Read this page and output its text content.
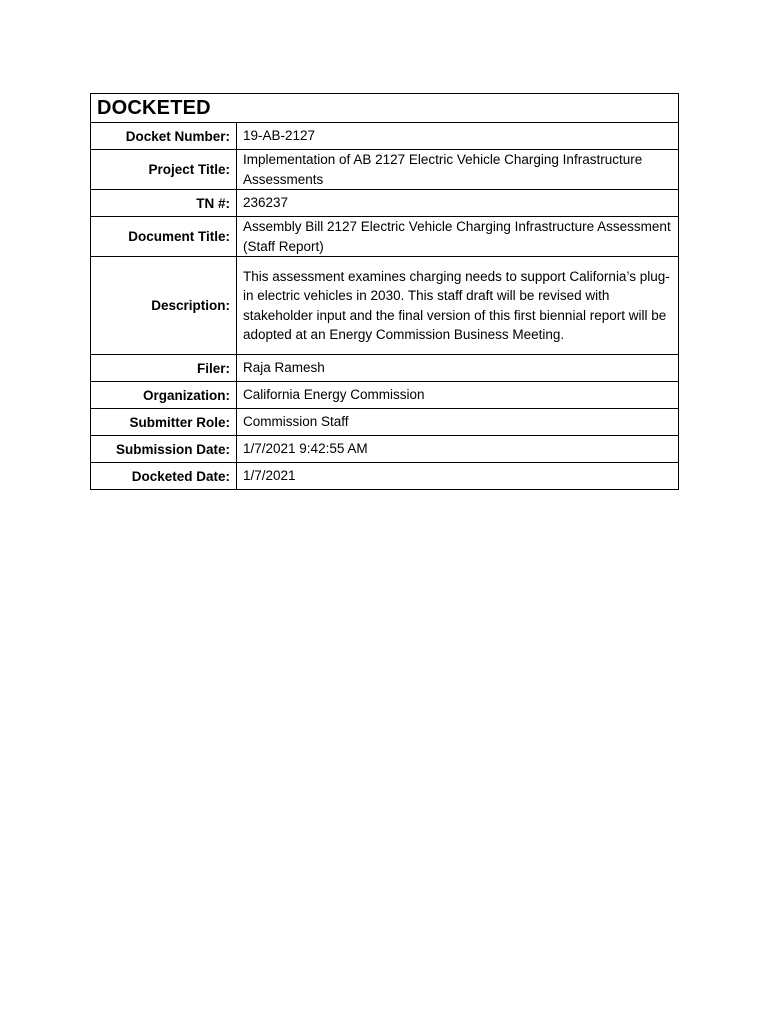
DOCKETED	
Docket Number:	19-AB-2127
Project Title:	Implementation of AB 2127 Electric Vehicle Charging Infrastructure Assessments
TN #:	236237
Document Title:	Assembly Bill 2127 Electric Vehicle Charging Infrastructure Assessment (Staff Report)
Description:	This assessment examines charging needs to support California’s plug-in electric vehicles in 2030. This staff draft will be revised with stakeholder input and the final version of this first biennial report will be adopted at an Energy Commission Business Meeting.
Filer:	Raja Ramesh
Organization:	California Energy Commission
Submitter Role:	Commission Staff
Submission Date:	1/7/2021 9:42:55 AM
Docketed Date:	1/7/2021
